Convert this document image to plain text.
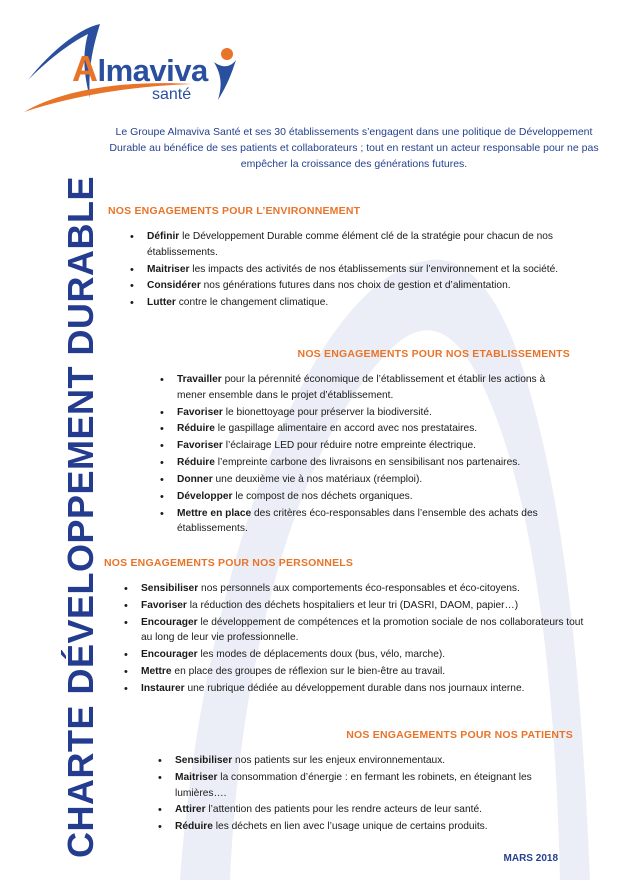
Almaviva
santé
CHARTE DÉVELOPPEMENT DURABLE
Le Groupe Almaviva Santé et ses 30 établissements s’engagent dans une politique de Développement Durable au bénéfice de ses patients et collaborateurs ; tout en restant un acteur responsable pour ne pas empêcher la croissance des générations futures.
NOS ENGAGEMENTS POUR L’ENVIRONNEMENT
• Définir le Développement Durable comme élément clé de la stratégie pour chacun de nos établissements.
• Maitriser les impacts des activités de nos établissements sur l’environnement et la société.
• Considérer nos générations futures dans nos choix de gestion et d’alimentation.
• Lutter contre le changement climatique.
NOS ENGAGEMENTS POUR NOS ETABLISSEMENTS
• Travailler pour la pérennité économique de l’établissement et établir les actions à mener ensemble dans le projet d’établissement.
• Favoriser le bionettoyage pour préserver la biodiversité.
• Réduire le gaspillage alimentaire en accord avec nos prestataires.
• Favoriser l’éclairage LED pour réduire notre empreinte électrique.
• Réduire l’empreinte carbone des livraisons en sensibilisant nos partenaires.
• Donner une deuxième vie à nos matériaux (réemploi).
• Développer le compost de nos déchets organiques.
• Mettre en place des critères éco-responsables dans l’ensemble des achats des établissements.
NOS ENGAGEMENTS POUR NOS PERSONNELS
• Sensibiliser nos personnels aux comportements éco-responsables et éco-citoyens.
• Favoriser la réduction des déchets hospitaliers et leur tri (DASRI, DAOM, papier…)
• Encourager le développement de compétences et la promotion sociale de nos collaborateurs tout au long de leur vie professionnelle.
• Encourager les modes de déplacements doux (bus, vélo, marche).
• Mettre en place des groupes de réflexion sur le bien-être au travail.
• Instaurer une rubrique dédiée au développement durable dans nos journaux interne.
NOS ENGAGEMENTS POUR NOS PATIENTS
• Sensibiliser nos patients sur les enjeux environnementaux.
• Maitriser la consommation d’énergie : en fermant les robinets, en éteignant les lumières….
• Attirer l’attention des patients pour les rendre acteurs de leur santé.
• Réduire les déchets en lien avec l’usage unique de certains produits.
MARS 2018
